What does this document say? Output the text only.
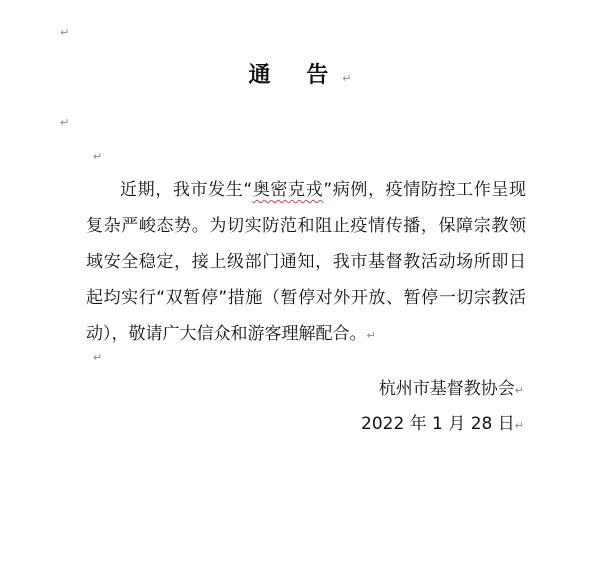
↵
通 告↵
↵
↵

近期，我市发生“奥密克戎”病例，疫情防控工作呈现复杂严峻态势。为切实防范和阻止疫情传播，保障宗教领域安全稳定，接上级部门通知，我市基督教活动场所即日起均实行“双暂停”措施（暂停对外开放、暂停一切宗教活动），敬请广大信众和游客理解配合。↵

↵
杭州市基督教协会↵
2022 年 1 月 28 日↵
